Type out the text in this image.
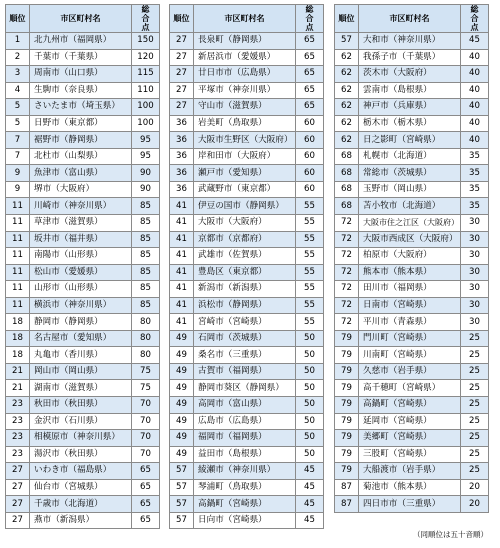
順位	市区町村名	総合点
1	北九州市（福岡県）	150
2	千葉市（千葉県）	120
3	周南市（山口県）	115
4	生駒市（奈良県）	110
5	さいたま市（埼玉県）	100
5	日野市（東京都）	100
7	裾野市（静岡県）	95
7	北杜市（山梨県）	95
9	魚津市（富山県）	90
9	堺市（大阪府）	90
11	川崎市（神奈川県）	85
11	草津市（滋賀県）	85
11	坂井市（福井県）	85
11	南陽市（山形県）	85
11	松山市（愛媛県）	85
11	山形市（山形県）	85
11	横浜市（神奈川県）	85
18	静岡市（静岡県）	80
18	名古屋市（愛知県）	80
18	丸亀市（香川県）	80
21	岡山市（岡山県）	75
21	湖南市（滋賀県）	75
23	秋田市（秋田県）	70
23	金沢市（石川県）	70
23	相模原市（神奈川県）	70
23	湯沢市（秋田県）	70
27	いわき市（福島県）	65
27	仙台市（宮城県）	65
27	千歳市（北海道）	65
27	燕市（新潟県）	65
順位	市区町村名	総合点
27	長泉町（静岡県）	65
27	新居浜市（愛媛県）	65
27	廿日市市（広島県）	65
27	平塚市（神奈川県）	65
27	守山市（滋賀県）	65
36	岩美町（鳥取県）	60
36	大阪市生野区（大阪府）	60
36	岸和田市（大阪府）	60
36	瀬戸市（愛知県）	60
36	武蔵野市（東京都）	60
41	伊豆の国市（静岡県）	55
41	大阪市（大阪府）	55
41	京都市（京都府）	55
41	武雄市（佐賀県）	55
41	豊島区（東京都）	55
41	新潟市（新潟県）	55
41	浜松市（静岡県）	55
41	宮崎市（宮崎県）	55
49	石岡市（茨城県）	50
49	桑名市（三重県）	50
49	古賀市（福岡県）	50
49	静岡市葵区（静岡県）	50
49	高岡市（富山県）	50
49	広島市（広島県）	50
49	福岡市（福岡県）	50
49	益田市（島根県）	50
57	綾瀬市（神奈川県）	45
57	琴浦町（鳥取県）	45
57	高鍋町（宮崎県）	45
57	日向市（宮崎県）	45
順位	市区町村名	総合点
57	大和市（神奈川県）	45
62	我孫子市（千葉県）	40
62	茨木市（大阪府）	40
62	雲南市（島根県）	40
62	神戸市（兵庫県）	40
62	栃木市（栃木県）	40
62	日之影町（宮崎県）	40
68	札幌市（北海道）	35
68	常総市（茨城県）	35
68	玉野市（岡山県）	35
68	苫小牧市（北海道）	35
72	大阪市住之江区（大阪府）	30
72	大阪市西成区（大阪府）	30
72	柏原市（大阪府）	30
72	熊本市（熊本県）	30
72	田川市（福岡県）	30
72	日南市（宮崎県）	30
72	平川市（青森県）	30
79	門川町（宮崎県）	25
79	川南町（宮崎県）	25
79	久慈市（岩手県）	25
79	高千穂町（宮崎県）	25
79	高鍋町（宮崎県）	25
79	延岡市（宮崎県）	25
79	美郷町（宮崎県）	25
79	三股町（宮崎県）	25
79	大船渡市（岩手県）	25
87	菊池市（熊本県）	20
87	四日市市（三重県）	20
（同順位は五十音順）
